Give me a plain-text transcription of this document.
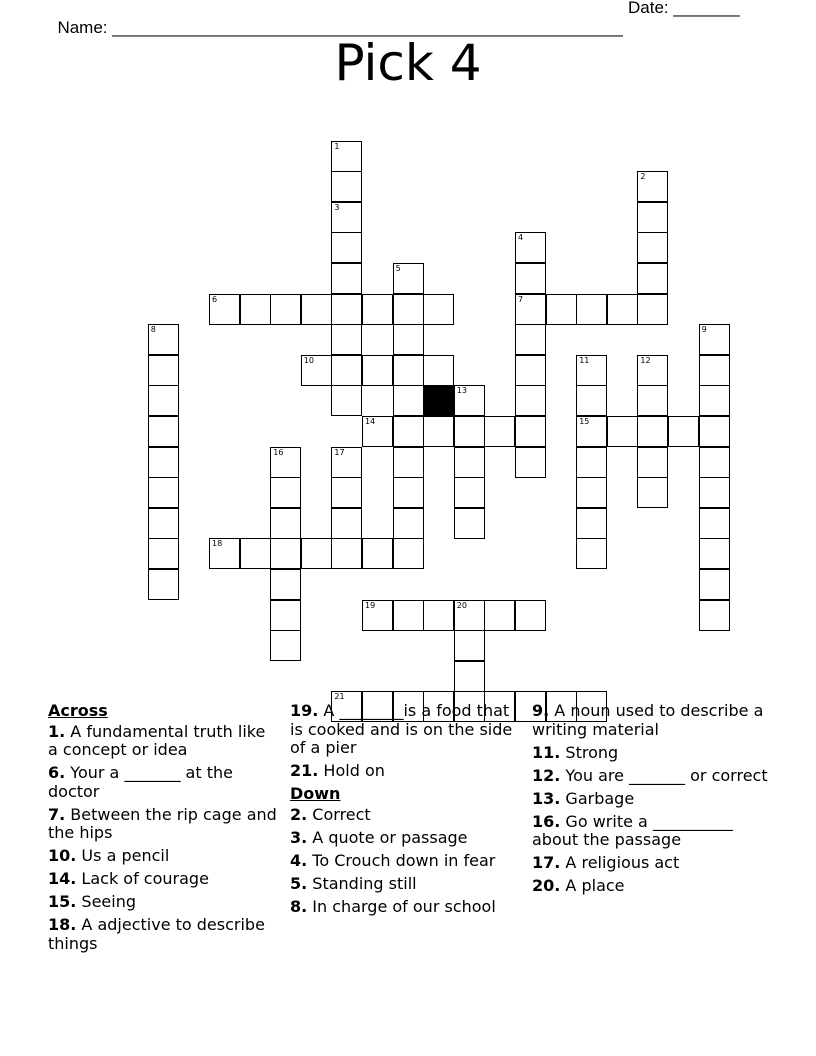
Name: ______________________________________________________

Date: _______

Pick 4
1
3
2
4
7
5
6
8	9
10	11
15
12
13
14
16	17
18
19	20
21
Across
1. A fundamental truth like a concept or idea
6. Your a _______ at the doctor
7. Between the rip cage and the hips
10. Us a pencil
14. Lack of courage
15. Seeing
18. A adjective to describe things
19. A ________is a food that is cooked and is on the side of a pier
21. Hold on
Down
2. Correct
3. A quote or passage
4. To Crouch down in fear
5. Standing still
8. In charge of our school
9. A noun used to describe a writing material
11. Strong
12. You are _______ or correct
13. Garbage
16. Go write a __________ about the passage
17. A religious act
20. A place
